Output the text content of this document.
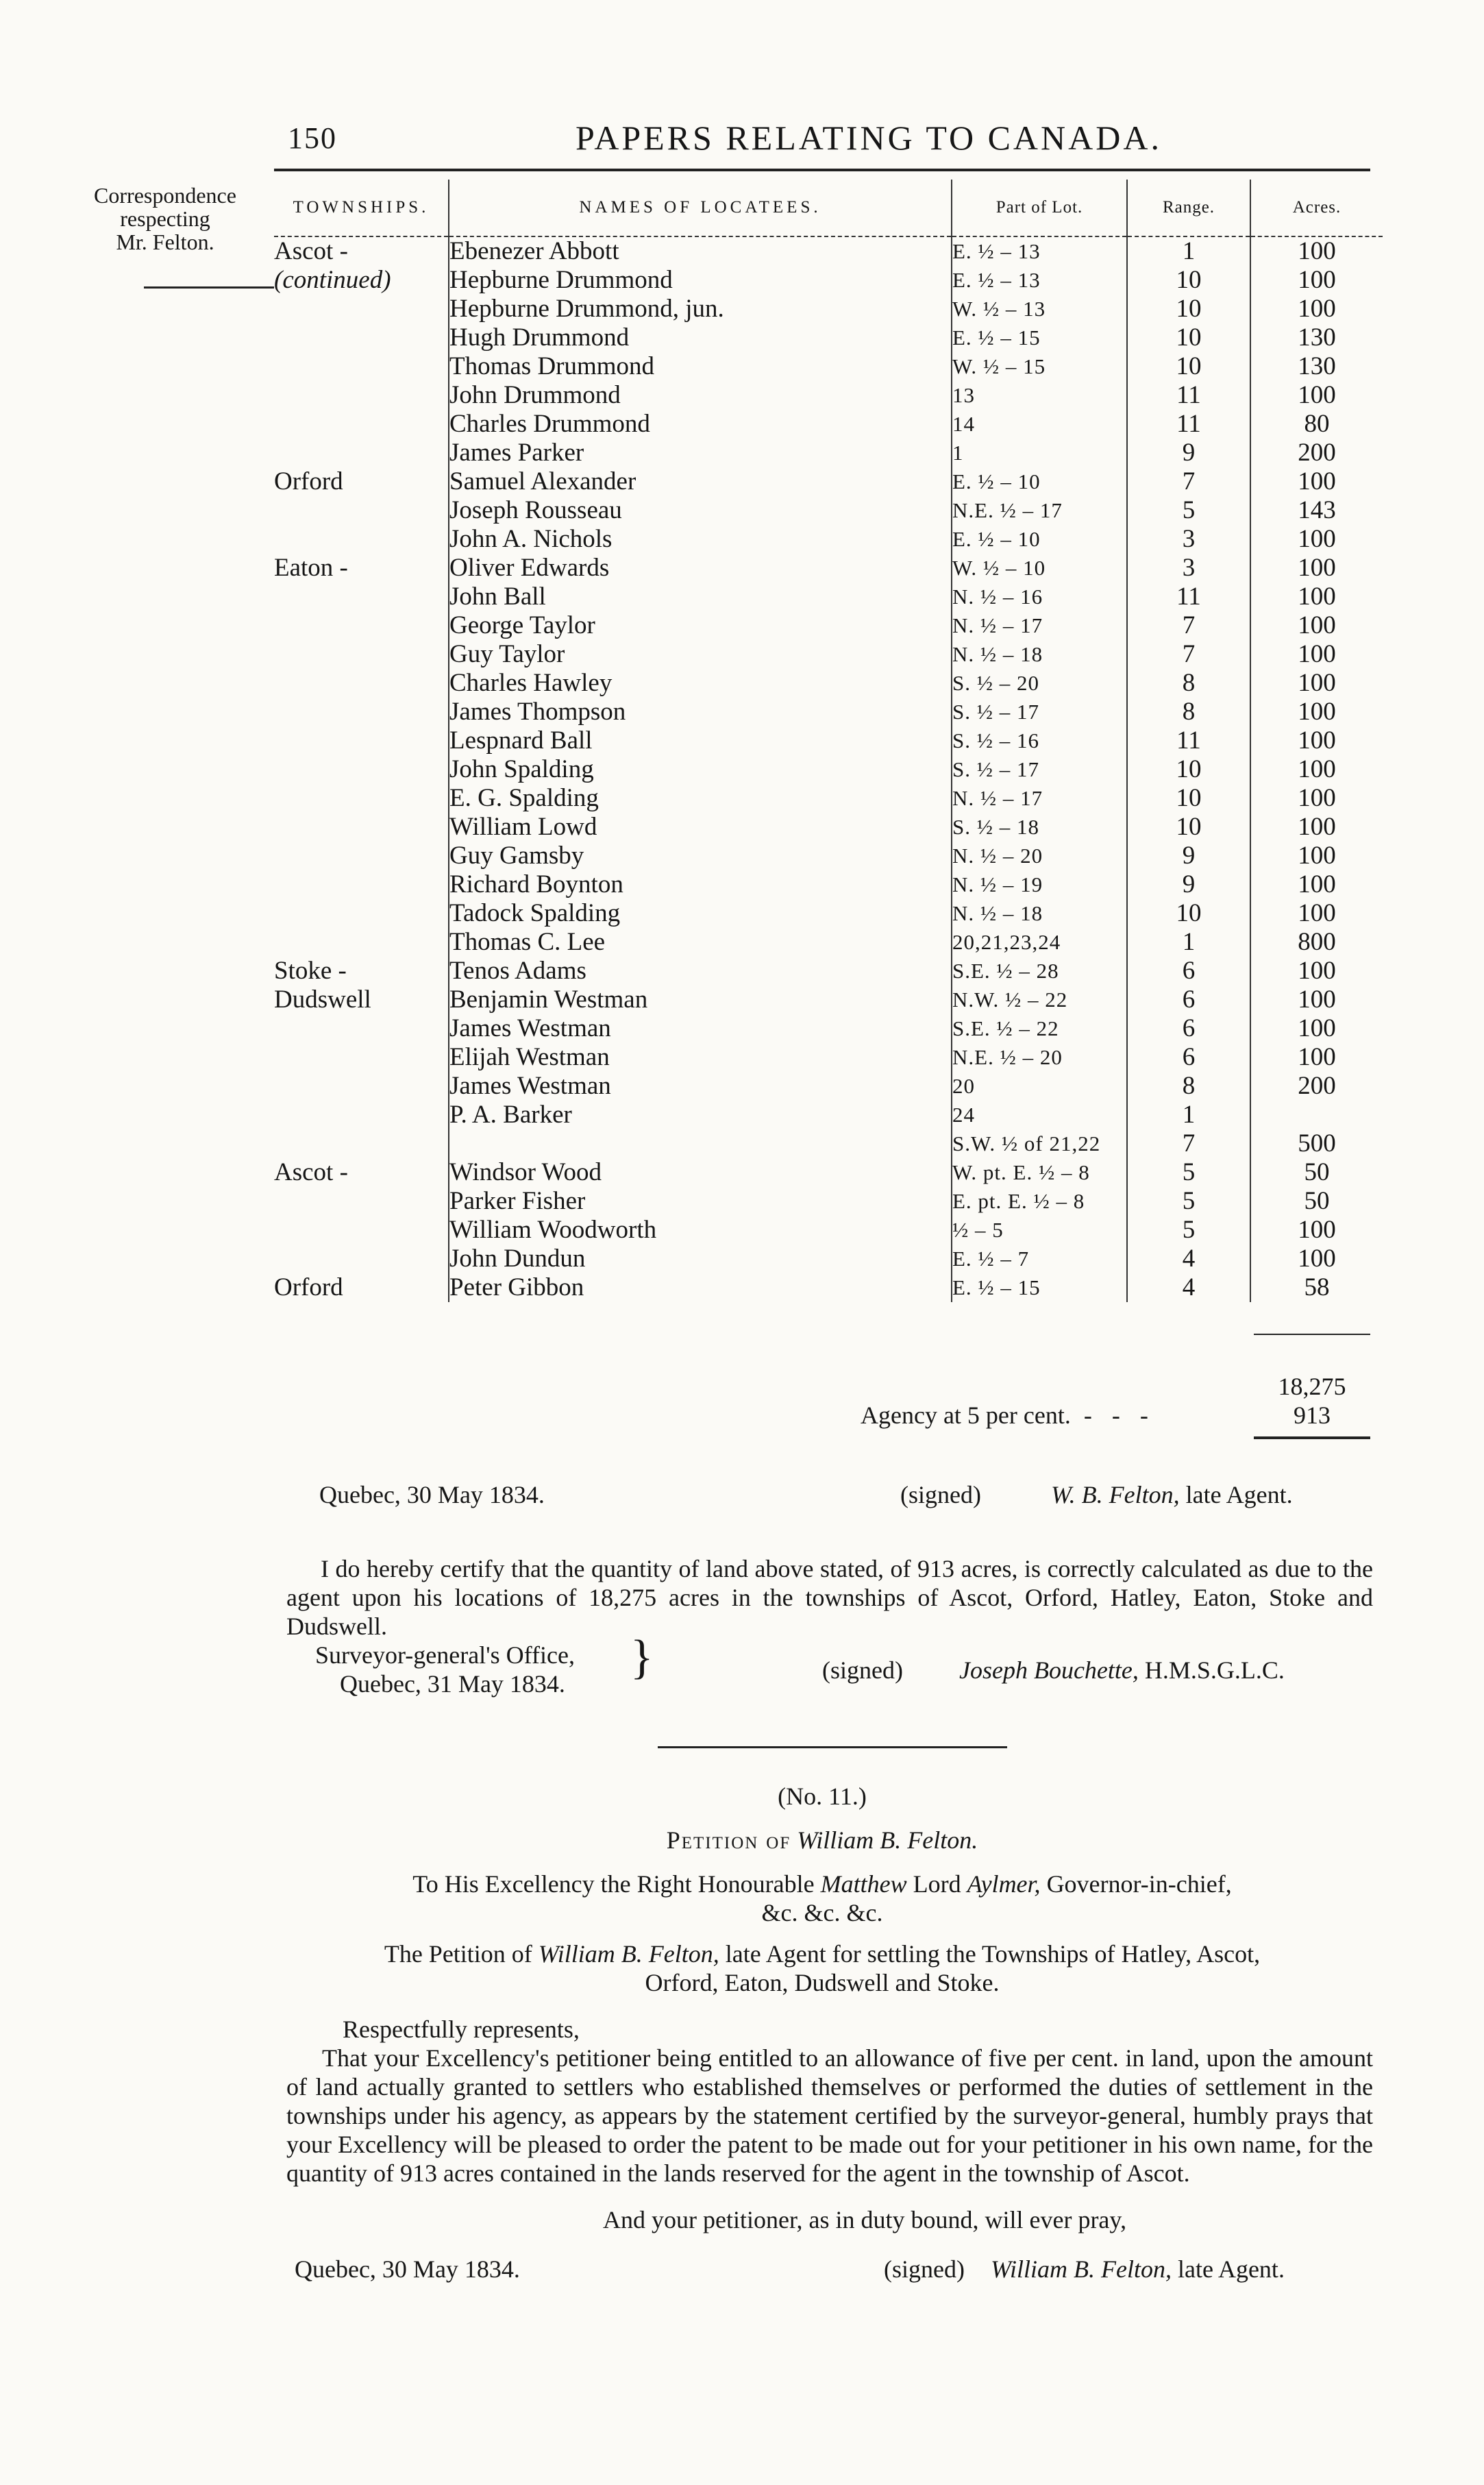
150	PAPERS RELATING TO CANADA.
Correspondence
respecting
Mr. Felton.
TOWNSHIPS.	NAMES OF LOCATEES.	Part of Lot.	Range.	Acres.
Ascot -	Ebenezer Abbott	E. ½ – 13	1	100
(continued)	Hepburne Drummond	E. ½ – 13	10	100
	Hepburne Drummond, jun.	W. ½ – 13	10	100
	Hugh Drummond	E. ½ – 15	10	130
	Thomas Drummond	W. ½ – 15	10	130
	John Drummond	13	11	100
	Charles Drummond	14	11	80
	James Parker	1	9	200
Orford	Samuel Alexander	E. ½ – 10	7	100
	Joseph Rousseau	N.E. ½ – 17	5	143
	John A. Nichols	E. ½ – 10	3	100
Eaton -	Oliver Edwards	W. ½ – 10	3	100
	John Ball	N. ½ – 16	11	100
	George Taylor	N. ½ – 17	7	100
	Guy Taylor	N. ½ – 18	7	100
	Charles Hawley	S. ½ – 20	8	100
	James Thompson	S. ½ – 17	8	100
	Lespnard Ball	S. ½ – 16	11	100
	John Spalding	S. ½ – 17	10	100
	E. G. Spalding	N. ½ – 17	10	100
	William Lowd	S. ½ – 18	10	100
	Guy Gamsby	N. ½ – 20	9	100
	Richard Boynton	N. ½ – 19	9	100
	Tadock Spalding	N. ½ – 18	10	100
	Thomas C. Lee	20,21,23,24	1	800
Stoke -	Tenos Adams	S.E. ½ – 28	6	100
Dudswell	Benjamin Westman	N.W. ½ – 22	6	100
	James Westman	S.E. ½ – 22	6	100
	Elijah Westman	N.E. ½ – 20	6	100
	James Westman	20	8	200
	P. A. Barker	24	1	
		S.W. ½ of 21,22	7	500
Ascot -	Windsor Wood	W. pt. E. ½ – 8	5	50
	Parker Fisher	E. pt. E. ½ – 8	5	50
	William Woodworth	½ – 5	5	100
	John Dundun	E. ½ – 7	4	100
Orford	Peter Gibbon	E. ½ – 15	4	58
18,275
Agency at 5 per cent. - - -	913
Quebec, 30 May 1834.	(signed)	W. B. Felton, late Agent.
I do hereby certify that the quantity of land above stated, of 913 acres, is correctly calculated as due to the agent upon his locations of 18,275 acres in the townships of Ascot, Orford, Hatley, Eaton, Stoke and Dudswell.
Surveyor-general's Office,
Quebec, 31 May 1834. }	(signed) Joseph Bouchette, H.M.S.G.L.C.
(No. 11.)
Petition of William B. Felton.
To His Excellency the Right Honourable Matthew Lord Aylmer, Governor-in-chief,
&c. &c. &c.
The Petition of William B. Felton, late Agent for settling the Townships of Hatley, Ascot,
Orford, Eaton, Dudswell and Stoke.
Respectfully represents,
That your Excellency's petitioner being entitled to an allowance of five per cent. in land, upon the amount of land actually granted to settlers who established themselves or performed the duties of settlement in the townships under his agency, as appears by the statement certified by the surveyor-general, humbly prays that your Excellency will be pleased to order the patent to be made out for your petitioner in his own name, for the quantity of 913 acres contained in the lands reserved for the agent in the township of Ascot.
And your petitioner, as in duty bound, will ever pray,
Quebec, 30 May 1834.	(signed) William B. Felton, late Agent.
